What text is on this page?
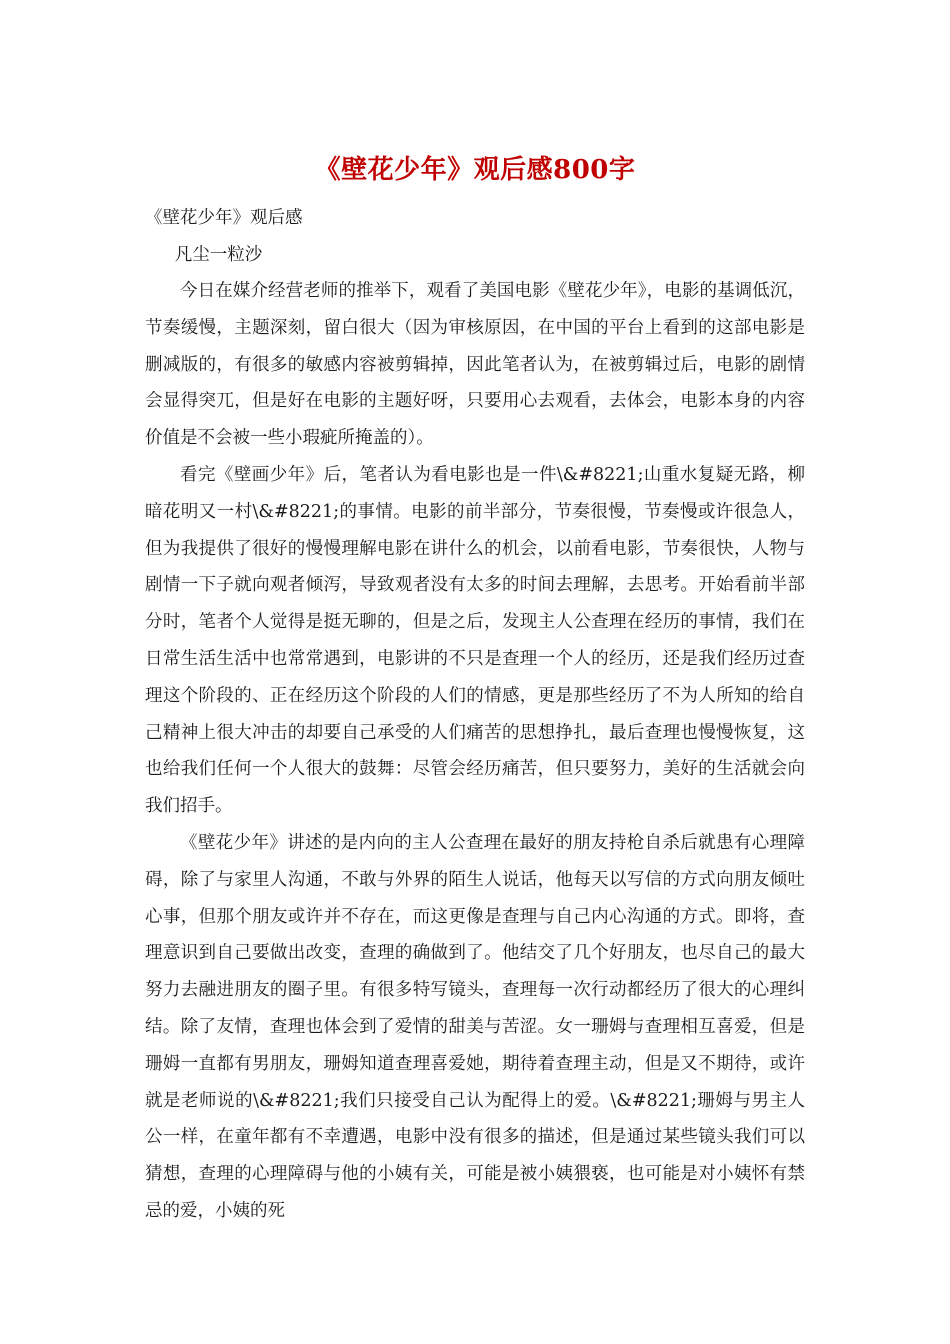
《壁花少年》观后感800字

《壁花少年》观后感

凡尘一粒沙

今日在媒介经营老师的推举下，观看了美国电影《壁花少年》，电影的基调低沉，节奏缓慢，主题深刻，留白很大（因为审核原因，在中国的平台上看到的这部电影是删减版的，有很多的敏感内容被剪辑掉，因此笔者认为，在被剪辑过后，电影的剧情会显得突兀，但是好在电影的主题好呀，只要用心去观看，去体会，电影本身的内容价值是不会被一些小瑕疵所掩盖的）。

看完《壁画少年》后，笔者认为看电影也是一件\&#8221;山重水复疑无路，柳暗花明又一村\&#8221;的事情。电影的前半部分，节奏很慢，节奏慢或许很急人，但为我提供了很好的慢慢理解电影在讲什么的机会，以前看电影，节奏很快，人物与剧情一下子就向观者倾泻，导致观者没有太多的时间去理解，去思考。开始看前半部分时，笔者个人觉得是挺无聊的，但是之后，发现主人公查理在经历的事情，我们在日常生活生活中也常常遇到，电影讲的不只是查理一个人的经历，还是我们经历过查理这个阶段的、正在经历这个阶段的人们的情感，更是那些经历了不为人所知的给自己精神上很大冲击的却要自己承受的人们痛苦的思想挣扎，最后查理也慢慢恢复，这也给我们任何一个人很大的鼓舞：尽管会经历痛苦，但只要努力，美好的生活就会向我们招手。

《壁花少年》讲述的是内向的主人公查理在最好的朋友持枪自杀后就患有心理障碍，除了与家里人沟通，不敢与外界的陌生人说话，他每天以写信的方式向朋友倾吐心事，但那个朋友或许并不存在，而这更像是查理与自己内心沟通的方式。即将，查理意识到自己要做出改变，查理的确做到了。他结交了几个好朋友，也尽自己的最大努力去融进朋友的圈子里。有很多特写镜头，查理每一次行动都经历了很大的心理纠结。除了友情，查理也体会到了爱情的甜美与苦涩。女一珊姆与查理相互喜爱，但是珊姆一直都有男朋友，珊姆知道查理喜爱她，期待着查理主动，但是又不期待，或许就是老师说的\&#8221;我们只接受自己认为配得上的爱。\&#8221;珊姆与男主人公一样，在童年都有不幸遭遇，电影中没有很多的描述，但是通过某些镜头我们可以猜想，查理的心理障碍与他的小姨有关，可能是被小姨猥亵，也可能是对小姨怀有禁忌的爱，小姨的死
